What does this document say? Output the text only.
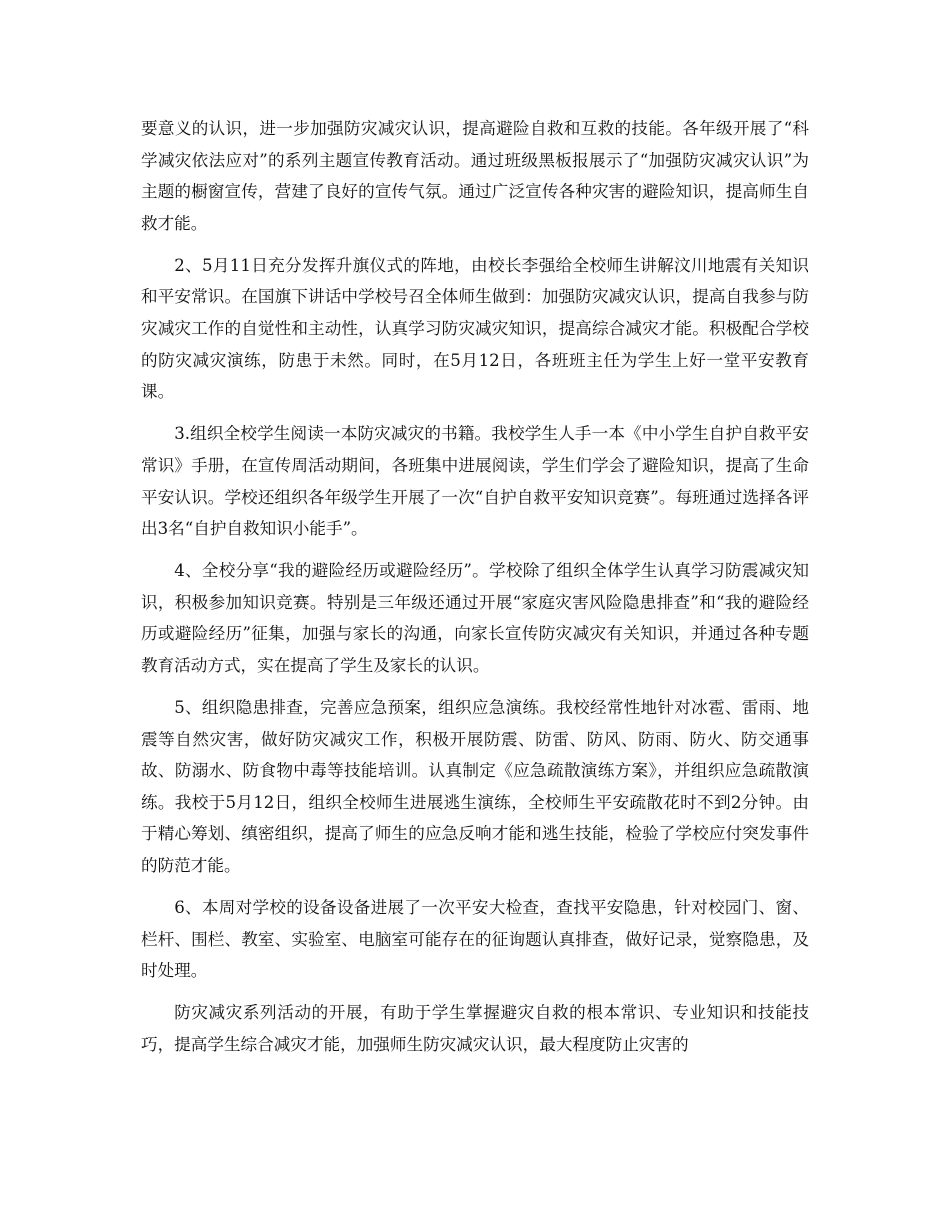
要意义的认识，进一步加强防灾减灾认识，提高避险自救和互救的技能。各年级开展了“科学减灾依法应对”的系列主题宣传教育活动。通过班级黑板报展示了“加强防灾减灾认识”为主题的橱窗宣传，营建了良好的宣传气氛。通过广泛宣传各种灾害的避险知识，提高师生自救才能。

2、5月11日充分发挥升旗仪式的阵地，由校长李强给全校师生讲解汶川地震有关知识和平安常识。在国旗下讲话中学校号召全体师生做到：加强防灾减灾认识，提高自我参与防灾减灾工作的自觉性和主动性，认真学习防灾减灾知识，提高综合减灾才能。积极配合学校的防灾减灾演练，防患于未然。同时，在5月12日，各班班主任为学生上好一堂平安教育课。

3.组织全校学生阅读一本防灾减灾的书籍。我校学生人手一本《中小学生自护自救平安常识》手册，在宣传周活动期间，各班集中进展阅读，学生们学会了避险知识，提高了生命平安认识。学校还组织各年级学生开展了一次“自护自救平安知识竞赛”。每班通过选择各评出3名“自护自救知识小能手”。

4、全校分享“我的避险经历或避险经历”。学校除了组织全体学生认真学习防震减灾知识，积极参加知识竞赛。特别是三年级还通过开展“家庭灾害风险隐患排查”和“我的避险经历或避险经历”征集，加强与家长的沟通，向家长宣传防灾减灾有关知识，并通过各种专题教育活动方式，实在提高了学生及家长的认识。

5、组织隐患排查，完善应急预案，组织应急演练。我校经常性地针对冰雹、雷雨、地震等自然灾害，做好防灾减灾工作，积极开展防震、防雷、防风、防雨、防火、防交通事故、防溺水、防食物中毒等技能培训。认真制定《应急疏散演练方案》，并组织应急疏散演练。我校于5月12日，组织全校师生进展逃生演练，全校师生平安疏散花时不到2分钟。由于精心筹划、缜密组织，提高了师生的应急反响才能和逃生技能，检验了学校应付突发事件的防范才能。

6、本周对学校的设备设备进展了一次平安大检查，查找平安隐患，针对校园门、窗、栏杆、围栏、教室、实验室、电脑室可能存在的征询题认真排查，做好记录，觉察隐患，及时处理。

防灾减灾系列活动的开展，有助于学生掌握避灾自救的根本常识、专业知识和技能技巧，提高学生综合减灾才能，加强师生防灾减灾认识，最大程度防止灾害的
